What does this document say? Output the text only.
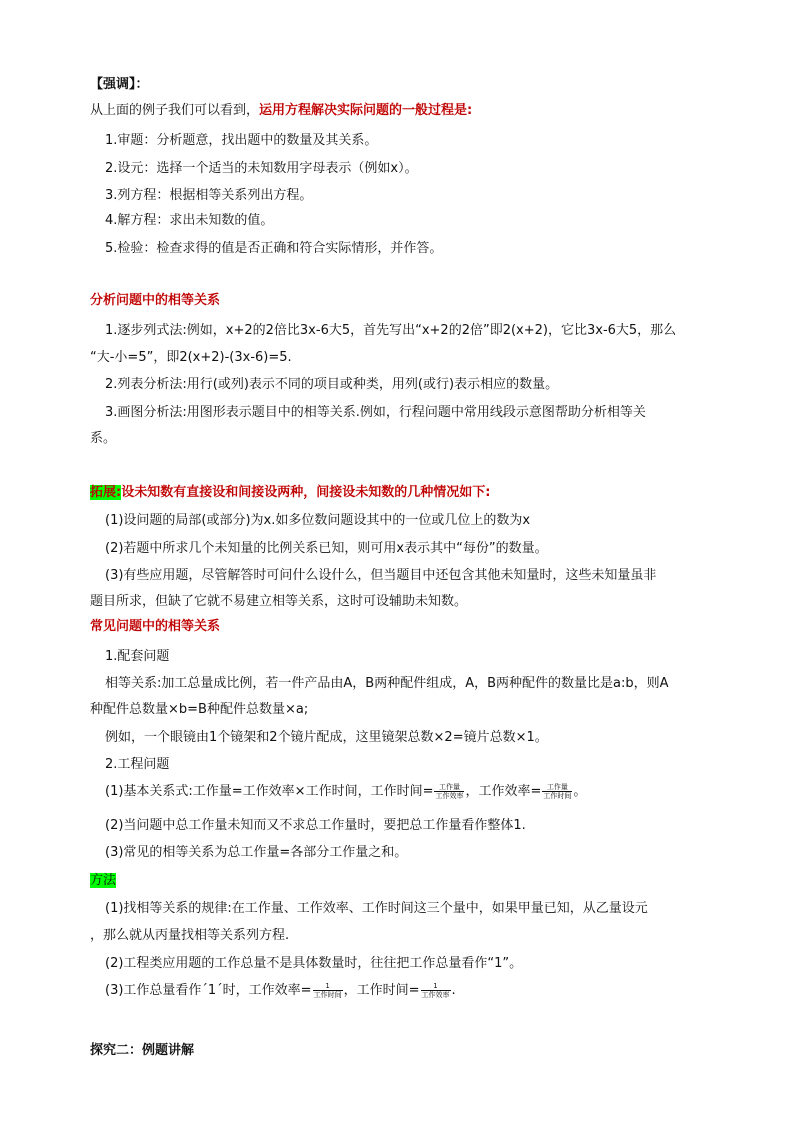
【强调】：
从上面的例子我们可以看到，运用方程解决实际问题的一般过程是:
1.审题：分析题意，找出题中的数量及其关系。
2.设元：选择一个适当的未知数用字母表示（例如x）。
3.列方程：根据相等关系列出方程。
4.解方程：求出未知数的值。
5.检验：检查求得的值是否正确和符合实际情形，并作答。
分析问题中的相等关系
1.逐步列式法:例如，x+2的2倍比3x-6大5，首先写出“x+2的2倍”即2(x+2)，它比3x-6大5，那么
“大-小=5”，即2(x+2)-(3x-6)=5.
2.列表分析法:用行(或列)表示不同的项目或种类，用列(或行)表示相应的数量。
3.画图分析法:用图形表示题目中的相等关系.例如，行程问题中常用线段示意图帮助分析相等关
系。
拓展:设未知数有直接设和间接设两种，间接设未知数的几种情况如下:
(1)设问题的局部(或部分)为x.如多位数问题设其中的一位或几位上的数为x
(2)若题中所求几个未知量的比例关系已知，则可用x表示其中“每份”的数量。
(3)有些应用题，尽管解答时可问什么设什么，但当题目中还包含其他未知量时，这些未知量虽非
题目所求，但缺了它就不易建立相等关系，这时可设辅助未知数。
常见问题中的相等关系
1.配套问题
相等关系:加工总量成比例，若一件产品由A，B两种配件组成，A，B两种配件的数量比是a:b，则A
种配件总数量×b=B种配件总数量×a;
例如，一个眼镜由1个镜架和2个镜片配成，这里镜架总数×2=镜片总数×1。
2.工程问题
(1)基本关系式:工作量=工作效率×工作时间，工作时间= $\frac{\text{工作量}}{\text{工作效率}}$ ，工作效率= $\frac{\text{工作量}}{\text{工作时间}}$ 。
(2)当问题中总工作量未知而又不求总工作量时，要把总工作量看作整体1.
(3)常见的相等关系为总工作量=各部分工作量之和。
方法
(1)找相等关系的规律:在工作量、工作效率、工作时间这三个量中，如果甲量已知，从乙量设元
，那么就从丙量找相等关系列方程.
(2)工程类应用题的工作总量不是具体数量时，往往把工作总量看作“1”。
(3)工作总量看作ˊ1ˊ时，工作效率= $\frac{1}{\text{工作时间}}$ ，工作时间= $\frac{1}{\text{工作效率}}$ .
探究二：例题讲解
